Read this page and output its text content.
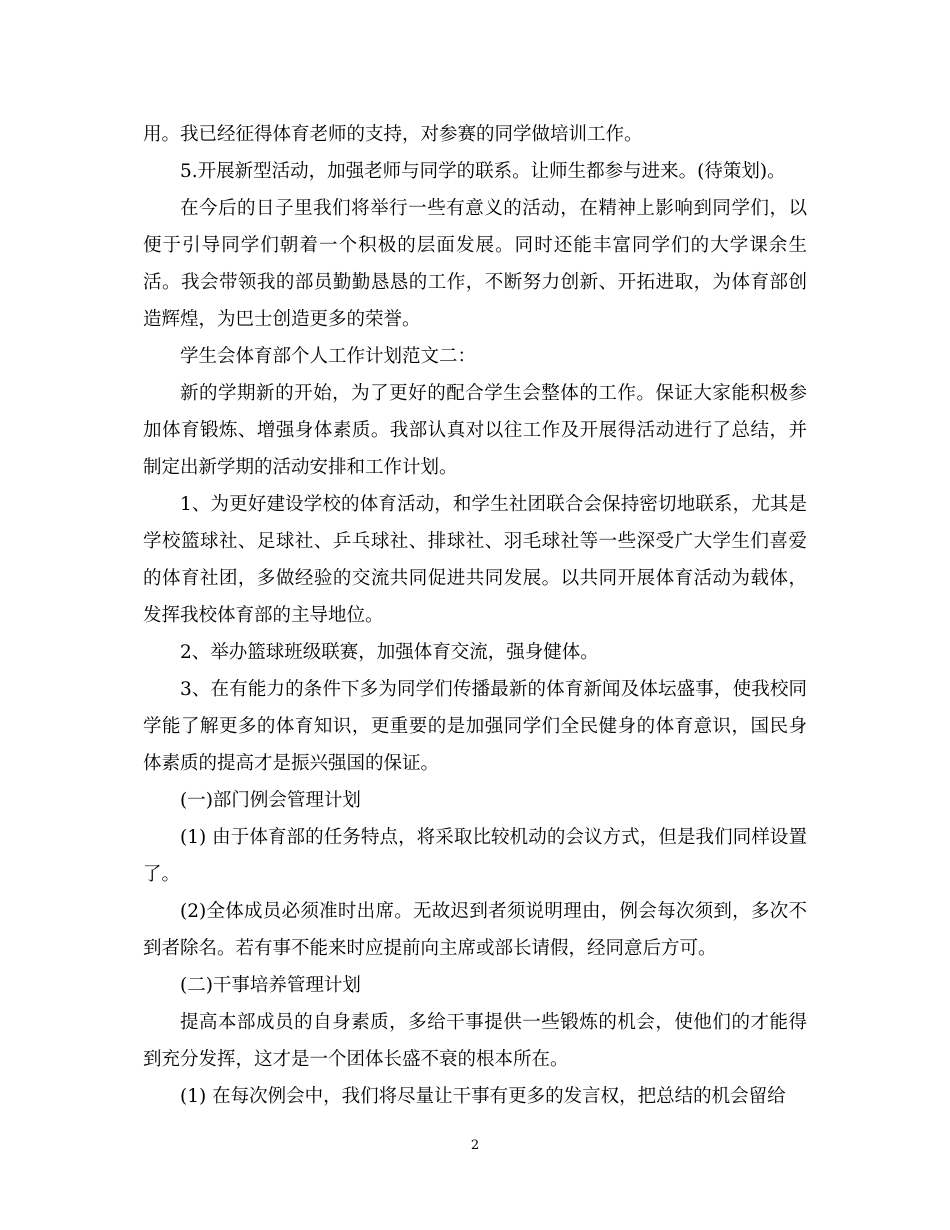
用。我已经征得体育老师的支持，对参赛的同学做培训工作。

5.开展新型活动，加强老师与同学的联系。让师生都参与进来。(待策划)。

在今后的日子里我们将举行一些有意义的活动，在精神上影响到同学们，以便于引导同学们朝着一个积极的层面发展。同时还能丰富同学们的大学课余生活。我会带领我的部员勤勤恳恳的工作，不断努力创新、开拓进取，为体育部创造辉煌，为巴士创造更多的荣誉。

学生会体育部个人工作计划范文二：

新的学期新的开始，为了更好的配合学生会整体的工作。保证大家能积极参加体育锻炼、增强身体素质。我部认真对以往工作及开展得活动进行了总结，并制定出新学期的活动安排和工作计划。

1、为更好建设学校的体育活动，和学生社团联合会保持密切地联系，尤其是学校篮球社、足球社、乒乓球社、排球社、羽毛球社等一些深受广大学生们喜爱的体育社团，多做经验的交流共同促进共同发展。以共同开展体育活动为载体，发挥我校体育部的主导地位。

2、举办篮球班级联赛，加强体育交流，强身健体。

3、在有能力的条件下多为同学们传播最新的体育新闻及体坛盛事，使我校同学能了解更多的体育知识，更重要的是加强同学们全民健身的体育意识，国民身体素质的提高才是振兴强国的保证。

(一)部门例会管理计划

(1) 由于体育部的任务特点，将采取比较机动的会议方式，但是我们同样设置了。

(2)全体成员必须准时出席。无故迟到者须说明理由，例会每次须到，多次不到者除名。若有事不能来时应提前向主席或部长请假，经同意后方可。

(二)干事培养管理计划

提高本部成员的自身素质，多给干事提供一些锻炼的机会，使他们的才能得到充分发挥，这才是一个团体长盛不衰的根本所在。

(1) 在每次例会中，我们将尽量让干事有更多的发言权，把总结的机会留给

2
